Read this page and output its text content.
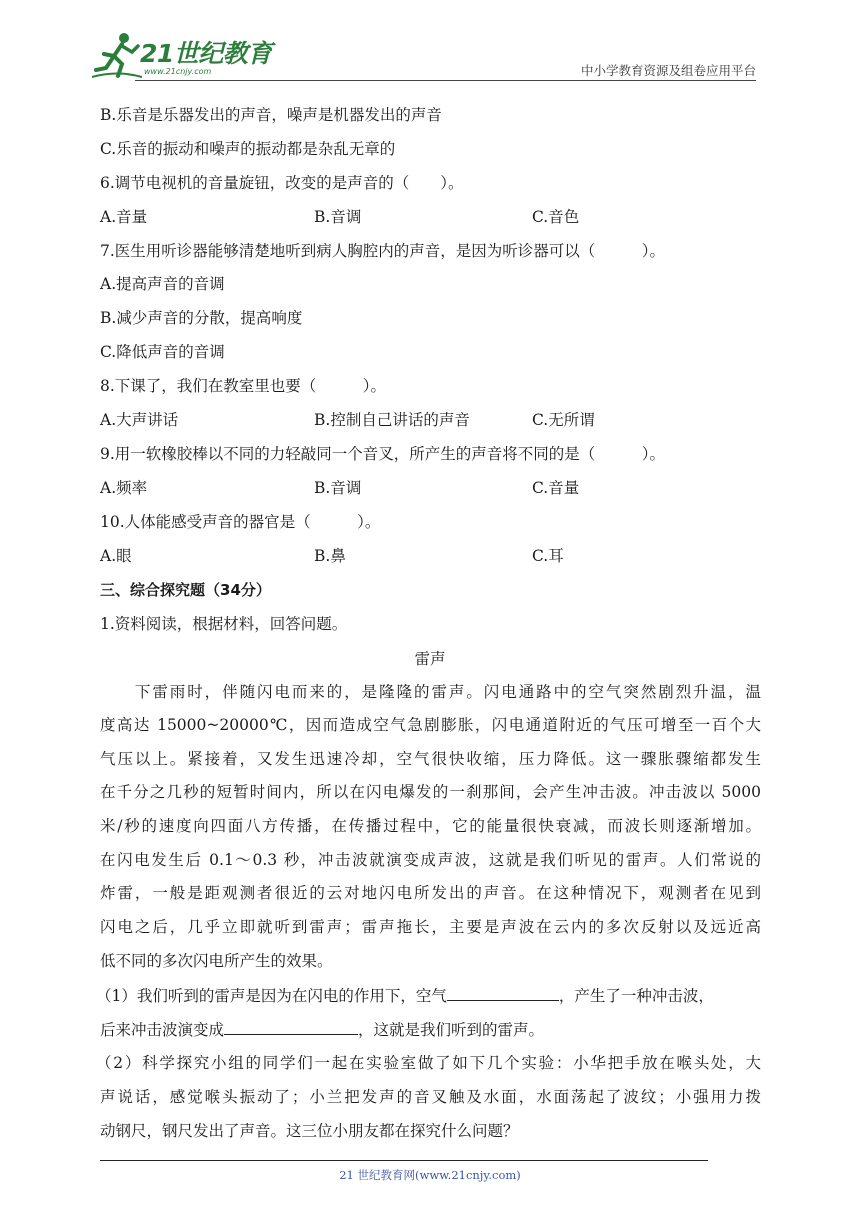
21世纪教育
www.21cnjy.com	中小学教育资源及组卷应用平台
B.乐音是乐器发出的声音，噪声是机器发出的声音
C.乐音的振动和噪声的振动都是杂乱无章的
6.调节电视机的音量旋钮，改变的是声音的（　　）。
A.音量	B.音调	C.音色
7.医生用听诊器能够清楚地听到病人胸腔内的声音，是因为听诊器可以（　　　）。
A.提高声音的音调
B.减少声音的分散，提高响度
C.降低声音的音调
8.下课了，我们在教室里也要（　　　）。
A.大声讲话	B.控制自己讲话的声音	C.无所谓
9.用一软橡胶棒以不同的力轻敲同一个音叉，所产生的声音将不同的是（　　　）。
A.频率	B.音调	C.音量
10.人体能感受声音的器官是（　　　）。
A.眼	B.鼻	C.耳
三、综合探究题（34分）
1.资料阅读，根据材料，回答问题。
雷声
　　下雷雨时，伴随闪电而来的，是隆隆的雷声。闪电通路中的空气突然剧烈升温，温
度高达 15000~20000℃，因而造成空气急剧膨胀，闪电通道附近的气压可增至一百个大
气压以上。紧接着，又发生迅速冷却，空气很快收缩，压力降低。这一骤胀骤缩都发生
在千分之几秒的短暂时间内，所以在闪电爆发的一刹那间，会产生冲击波。冲击波以 5000
米/秒的速度向四面八方传播，在传播过程中，它的能量很快衰减，而波长则逐渐增加。
在闪电发生后 0.1～0.3 秒，冲击波就演变成声波，这就是我们听见的雷声。人们常说的
炸雷，一般是距观测者很近的云对地闪电所发出的声音。在这种情况下，观测者在见到
闪电之后，几乎立即就听到雷声；雷声拖长，主要是声波在云内的多次反射以及远近高
低不同的多次闪电所产生的效果。
（1）我们听到的雷声是因为在闪电的作用下，空气	，产生了一种冲击波，
后来冲击波演变成	，这就是我们听到的雷声。
（2）科学探究小组的同学们一起在实验室做了如下几个实验：小华把手放在喉头处，大
声说话，感觉喉头振动了；小兰把发声的音叉触及水面，水面荡起了波纹；小强用力拨
动钢尺，钢尺发出了声音。这三位小朋友都在探究什么问题？
21 世纪教育网(www.21cnjy.com)
